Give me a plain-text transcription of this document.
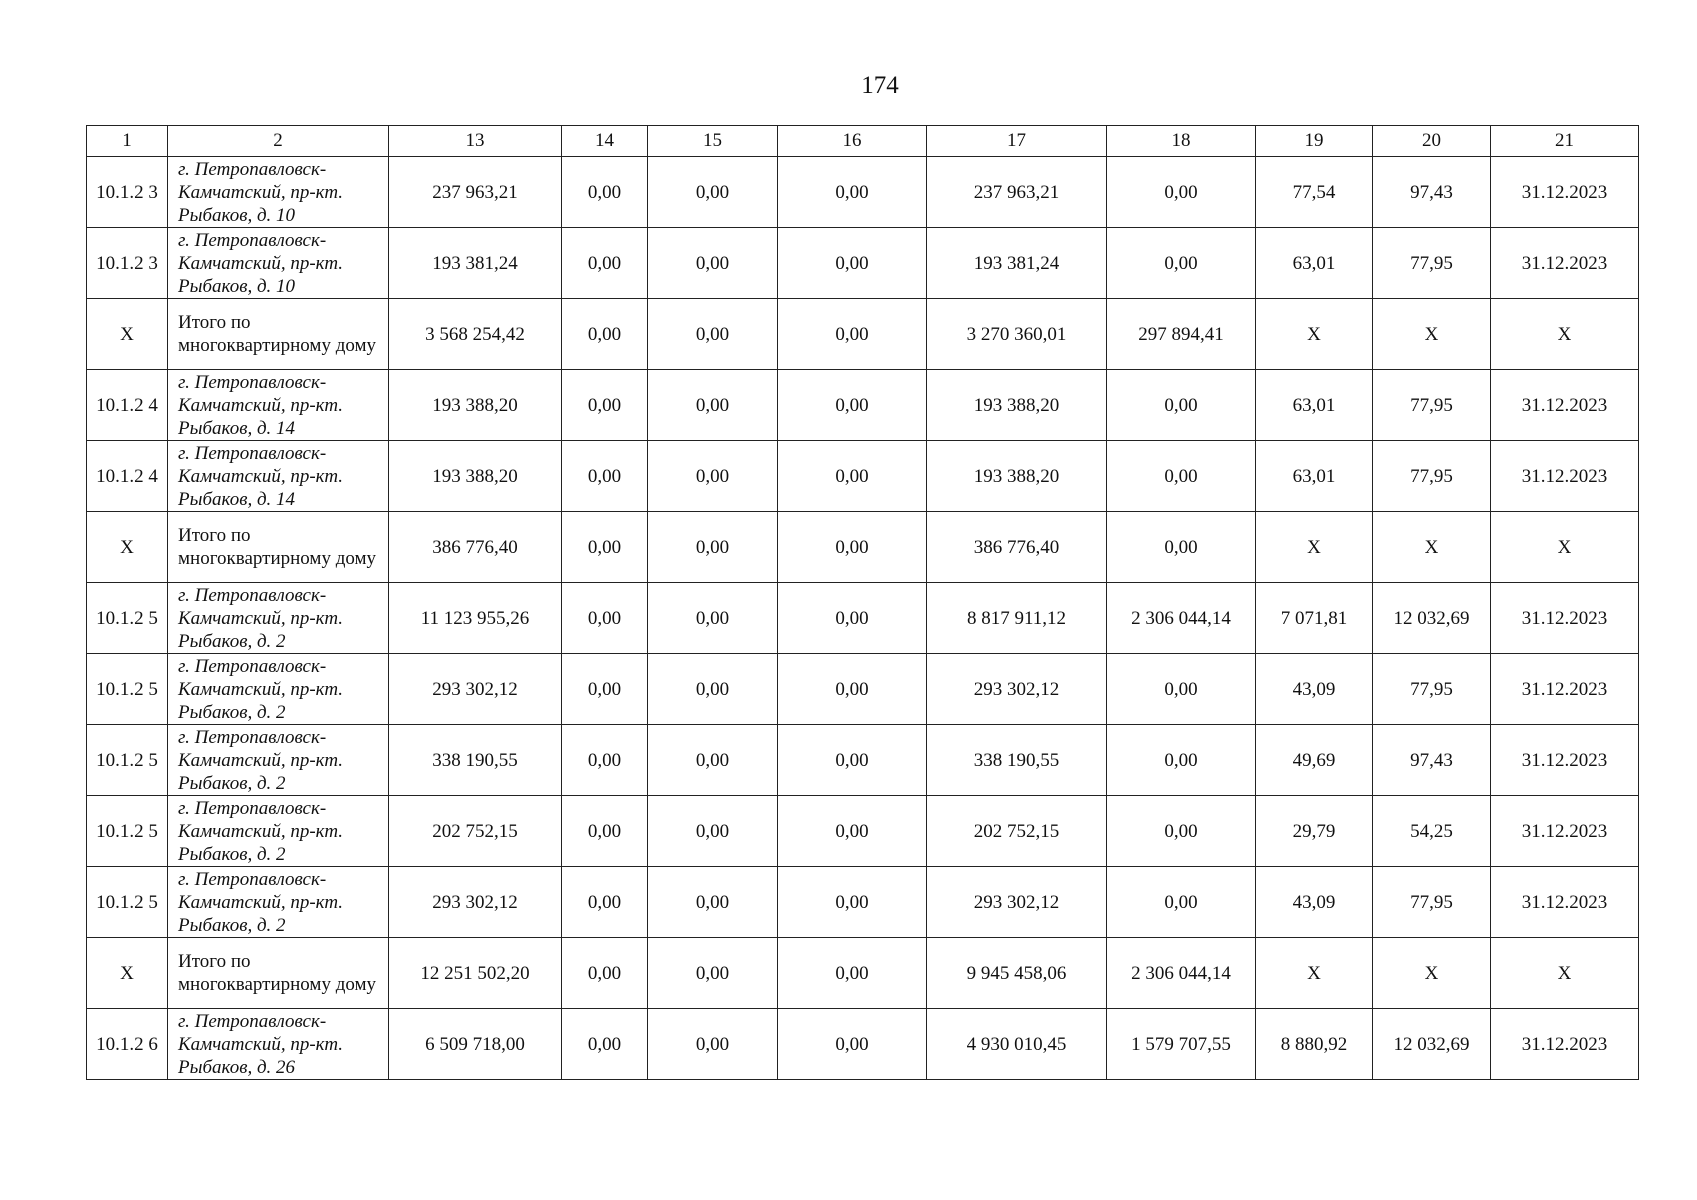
174
1	2	13	14	15	16	17	18	19	20	21
10.1.2 3	г. Петропавловск-Камчатский, пр-кт. Рыбаков, д. 10	237 963,21	0,00	0,00	0,00	237 963,21	0,00	77,54	97,43	31.12.2023
10.1.2 3	г. Петропавловск-Камчатский, пр-кт. Рыбаков, д. 10	193 381,24	0,00	0,00	0,00	193 381,24	0,00	63,01	77,95	31.12.2023
X	Итого по многоквартирному дому	3 568 254,42	0,00	0,00	0,00	3 270 360,01	297 894,41	X	X	X
10.1.2 4	г. Петропавловск-Камчатский, пр-кт. Рыбаков, д. 14	193 388,20	0,00	0,00	0,00	193 388,20	0,00	63,01	77,95	31.12.2023
10.1.2 4	г. Петропавловск-Камчатский, пр-кт. Рыбаков, д. 14	193 388,20	0,00	0,00	0,00	193 388,20	0,00	63,01	77,95	31.12.2023
X	Итого по многоквартирному дому	386 776,40	0,00	0,00	0,00	386 776,40	0,00	X	X	X
10.1.2 5	г. Петропавловск-Камчатский, пр-кт. Рыбаков, д. 2	11 123 955,26	0,00	0,00	0,00	8 817 911,12	2 306 044,14	7 071,81	12 032,69	31.12.2023
10.1.2 5	г. Петропавловск-Камчатский, пр-кт. Рыбаков, д. 2	293 302,12	0,00	0,00	0,00	293 302,12	0,00	43,09	77,95	31.12.2023
10.1.2 5	г. Петропавловск-Камчатский, пр-кт. Рыбаков, д. 2	338 190,55	0,00	0,00	0,00	338 190,55	0,00	49,69	97,43	31.12.2023
10.1.2 5	г. Петропавловск-Камчатский, пр-кт. Рыбаков, д. 2	202 752,15	0,00	0,00	0,00	202 752,15	0,00	29,79	54,25	31.12.2023
10.1.2 5	г. Петропавловск-Камчатский, пр-кт. Рыбаков, д. 2	293 302,12	0,00	0,00	0,00	293 302,12	0,00	43,09	77,95	31.12.2023
X	Итого по многоквартирному дому	12 251 502,20	0,00	0,00	0,00	9 945 458,06	2 306 044,14	X	X	X
10.1.2 6	г. Петропавловск-Камчатский, пр-кт. Рыбаков, д. 26	6 509 718,00	0,00	0,00	0,00	4 930 010,45	1 579 707,55	8 880,92	12 032,69	31.12.2023
